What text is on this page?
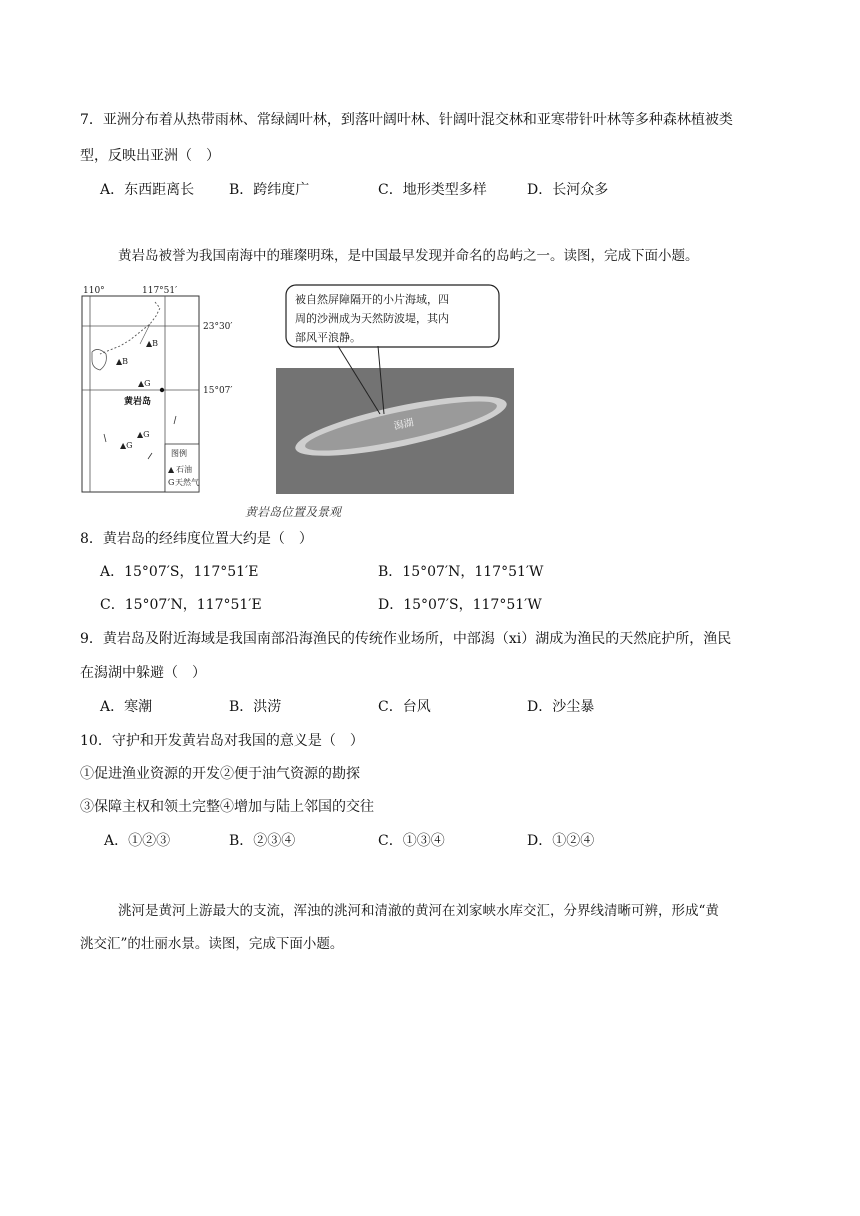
7．亚洲分布着从热带雨林、常绿阔叶林，到落叶阔叶林、针阔叶混交林和亚寒带针叶林等多种森林植被类
型，反映出亚洲（　）
A．东西距离长 B．跨纬度广	C．地形类型多样	D．长河众多
黄岩岛被誉为我国南海中的璀璨明珠，是中国最早发现并命名的岛屿之一。读图，完成下面小题。
▲B
▲B
▲G
▲G
▲G
110°	117°51′
23°30′
15°07′
黄岩岛
图例
▲ 石油
G 天然气
被自然屏障隔开的小片海域，四
周的沙洲成为天然防波堤，其内
部风平浪静。
潟湖
黄岩岛位置及景观
8．黄岩岛的经纬度位置大约是（　）
A．15°07′S，117°51′E	B．15°07′N，117°51′W
C．15°07′N，117°51′E	D．15°07′S，117°51′W
9．黄岩岛及附近海域是我国南部沿海渔民的传统作业场所，中部潟（xi）湖成为渔民的天然庇护所，渔民
在潟湖中躲避（　）
A．寒潮	B．洪涝	C．台风	D．沙尘暴
10．守护和开发黄岩岛对我国的意义是（　）
①促进渔业资源的开发②便于油气资源的勘探
③保障主权和领土完整④增加与陆上邻国的交往
A．①②③	B．②③④	C．①③④	D．①②④
洮河是黄河上游最大的支流，浑浊的洮河和清澈的黄河在刘家峡水库交汇，分界线清晰可辨，形成“黄
洮交汇”的壮丽水景。读图，完成下面小题。
